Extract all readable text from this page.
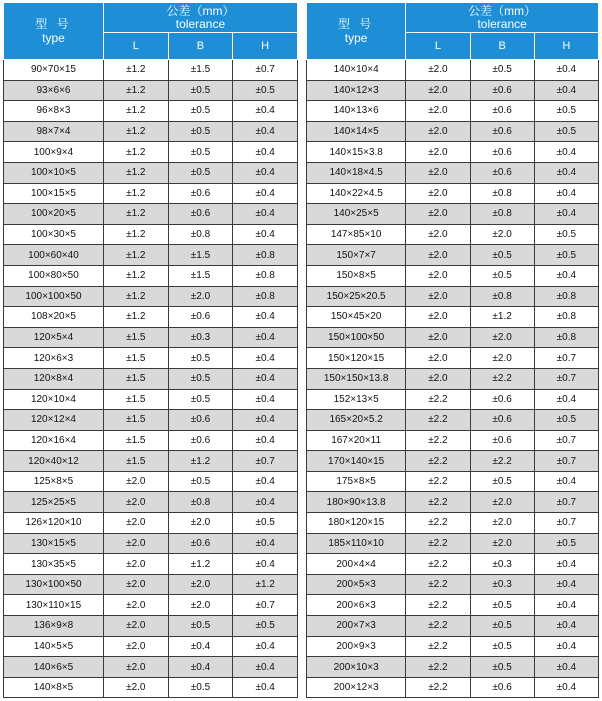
型 号
type	公差（mm）
tolerance		
	L	B	H
90×70×15	±1.2	±1.5	±0.7
93×6×6	±1.2	±0.5	±0.5
96×8×3	±1.2	±0.5	±0.4
98×7×4	±1.2	±0.5	±0.4
100×9×4	±1.2	±0.5	±0.4
100×10×5	±1.2	±0.5	±0.4
100×15×5	±1.2	±0.6	±0.4
100×20×5	±1.2	±0.6	±0.4
100×30×5	±1.2	±0.8	±0.4
100×60×40	±1.2	±1.5	±0.8
100×80×50	±1.2	±1.5	±0.8
100×100×50	±1.2	±2.0	±0.8
108×20×5	±1.2	±0.6	±0.4
120×5×4	±1.5	±0.3	±0.4
120×6×3	±1.5	±0.5	±0.4
120×8×4	±1.5	±0.5	±0.4
120×10×4	±1.5	±0.5	±0.4
120×12×4	±1.5	±0.6	±0.4
120×16×4	±1.5	±0.6	±0.4
120×40×12	±1.5	±1.2	±0.7
125×8×5	±2.0	±0.5	±0.4
125×25×5	±2.0	±0.8	±0.4
126×120×10	±2.0	±2.0	±0.5
130×15×5	±2.0	±0.6	±0.4
130×35×5	±2.0	±1.2	±0.4
130×100×50	±2.0	±2.0	±1.2
130×110×15	±2.0	±2.0	±0.7
136×9×8	±2.0	±0.5	±0.5
140×5×5	±2.0	±0.4	±0.4
140×6×5	±2.0	±0.4	±0.4
140×8×5	±2.0	±0.5	±0.4
型 号
type	公差（mm）
tolerance		
	L	B	H
140×10×4	±2.0	±0.5	±0.4
140×12×3	±2.0	±0.6	±0.4
140×13×6	±2.0	±0.6	±0.5
140×14×5	±2.0	±0.6	±0.5
140×15×3.8	±2.0	±0.6	±0.4
140×18×4.5	±2.0	±0.6	±0.4
140×22×4.5	±2.0	±0.8	±0.4
140×25×5	±2.0	±0.8	±0.4
147×85×10	±2.0	±2.0	±0.5
150×7×7	±2.0	±0.5	±0.5
150×8×5	±2.0	±0.5	±0.4
150×25×20.5	±2.0	±0.8	±0.8
150×45×20	±2.0	±1.2	±0.8
150×100×50	±2.0	±2.0	±0.8
150×120×15	±2.0	±2.0	±0.7
150×150×13.8	±2.0	±2.2	±0.7
152×13×5	±2.2	±0.6	±0.4
165×20×5.2	±2.2	±0.6	±0.5
167×20×11	±2.2	±0.6	±0.7
170×140×15	±2.2	±2.2	±0.7
175×8×5	±2.2	±0.5	±0.4
180×90×13.8	±2.2	±2.0	±0.7
180×120×15	±2.2	±2.0	±0.7
185×110×10	±2.2	±2.0	±0.5
200×4×4	±2.2	±0.3	±0.4
200×5×3	±2.2	±0.3	±0.4
200×6×3	±2.2	±0.5	±0.4
200×7×3	±2.2	±0.5	±0.4
200×9×3	±2.2	±0.5	±0.4
200×10×3	±2.2	±0.5	±0.4
200×12×3	±2.2	±0.6	±0.4
